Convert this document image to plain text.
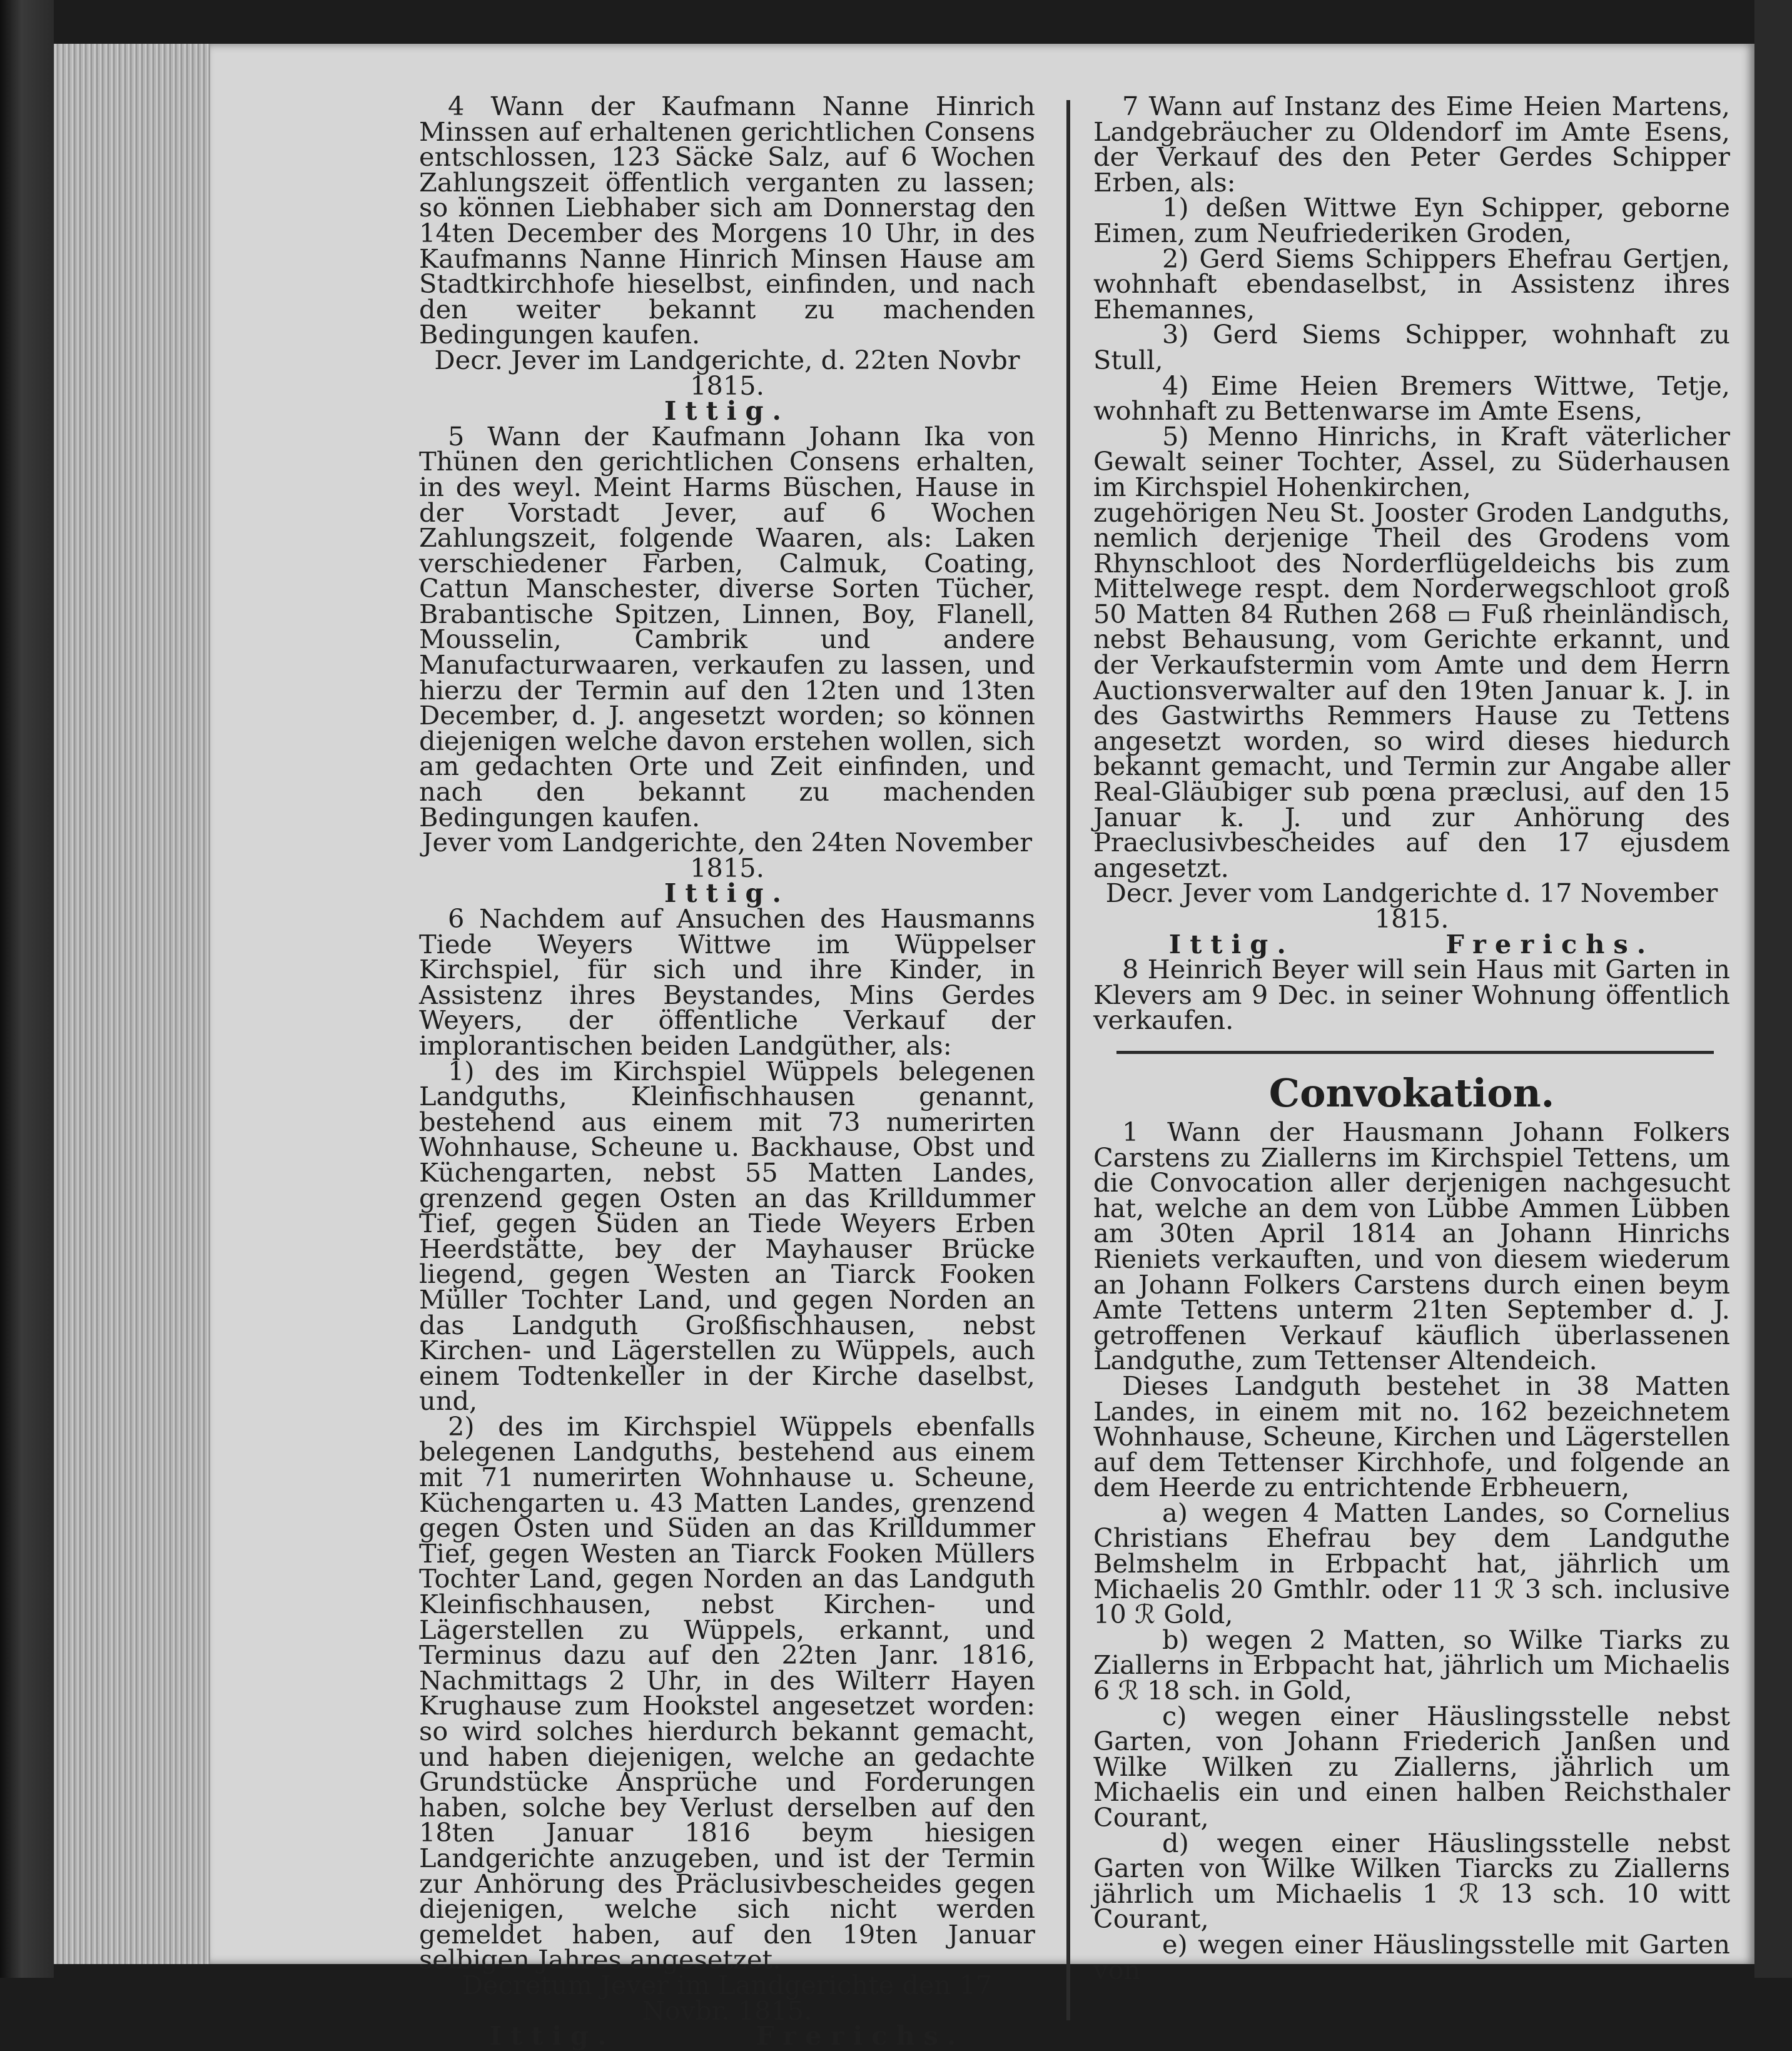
4 Wann der Kaufmann Nanne Hinrich Minssen auf erhaltenen gerichtlichen Consens entschlossen, 123 Säcke Salz, auf 6 Wochen Zahlungszeit öffentlich verganten zu lassen; so können Liebhaber sich am Donnerstag den 14ten December des Morgens 10 Uhr, in des Kaufmanns Nanne Hinrich Minsen Hause am Stadtkirchhofe hieselbst, einfinden, und nach den weiter bekannt zu machenden Bedingungen kaufen.

Decr. Jever im Landgerichte, d. 22ten Novbr 1815.

Ittig.

5 Wann der Kaufmann Johann Ika von Thünen den gerichtlichen Consens erhalten, in des weyl. Meint Harms Büschen, Hause in der Vorstadt Jever, auf 6 Wochen Zahlungszeit, folgende Waaren, als: Laken verschiedener Farben, Calmuk, Coating, Cattun Manschester, diverse Sorten Tücher, Brabantische Spitzen, Linnen, Boy, Flanell, Mousselin, Cambrik und andere Manufacturwaaren, verkaufen zu lassen, und hierzu der Termin auf den 12ten und 13ten December, d. J. angesetzt worden; so können diejenigen welche davon erstehen wollen, sich am gedachten Orte und Zeit einfinden, und nach den bekannt zu machenden Bedingungen kaufen.

Jever vom Landgerichte, den 24ten November 1815.

Ittig.

6 Nachdem auf Ansuchen des Hausmanns Tiede Weyers Wittwe im Wüppelser Kirchspiel, für sich und ihre Kinder, in Assistenz ihres Beystandes, Mins Gerdes Weyers, der öffentliche Verkauf der implorantischen beiden Landgüther, als:

1) des im Kirchspiel Wüppels belegenen Landguths, Kleinfischhausen genannt, bestehend aus einem mit 73 numerirten Wohnhause, Scheune u. Backhause, Obst und Küchengarten, nebst 55 Matten Landes, grenzend gegen Osten an das Krilldummer Tief, gegen Süden an Tiede Weyers Erben Heerdstätte, bey der Mayhauser Brücke liegend, gegen Westen an Tiarck Fooken Müller Tochter Land, und gegen Norden an das Landguth Großfischhausen, nebst Kirchen- und Lägerstellen zu Wüppels, auch einem Todtenkeller in der Kirche daselbst, und,

2) des im Kirchspiel Wüppels ebenfalls belegenen Landguths, bestehend aus einem mit 71 numerirten Wohnhause u. Scheune, Küchengarten u. 43 Matten Landes, grenzend gegen Osten und Süden an das Krilldummer Tief, gegen Westen an Tiarck Fooken Müllers Tochter Land, gegen Norden an das Landguth Kleinfischhausen, nebst Kirchen- und Lägerstellen zu Wüppels, erkannt, und Terminus dazu auf den 22ten Janr. 1816, Nachmittags 2 Uhr, in des Wilterr Hayen Krughause zum Hookstel angesetzet worden: so wird solches hierdurch bekannt gemacht, und haben diejenigen, welche an gedachte Grundstücke Ansprüche und Forderungen haben, solche bey Verlust derselben auf den 18ten Januar 1816 beym hiesigen Landgerichte anzugeben, und ist der Termin zur Anhörung des Präclusivbescheides gegen diejenigen, welche sich nicht werden gemeldet haben, auf den 19ten Januar selbigen Jahres angesetzet.

Decretum Jever im Landgerichte den 17 Novbr. 1815.

Ittig.	Frerichs.

7 Wann auf Instanz des Eime Heien Martens, Landgebräucher zu Oldendorf im Amte Esens, der Verkauf des den Peter Gerdes Schipper Erben, als:

1) deßen Wittwe Eyn Schipper, geborne Eimen, zum Neufriederiken Groden,

2) Gerd Siems Schippers Ehefrau Gertjen, wohnhaft ebendaselbst, in Assistenz ihres Ehemannes,

3) Gerd Siems Schipper, wohnhaft zu Stull,

4) Eime Heien Bremers Wittwe, Tetje, wohnhaft zu Bettenwarse im Amte Esens,

5) Menno Hinrichs, in Kraft väterlicher Gewalt seiner Tochter, Assel, zu Süderhausen im Kirchspiel Hohenkirchen,

zugehörigen Neu St. Jooster Groden Landguths, nemlich derjenige Theil des Grodens vom Rhynschloot des Norderflügeldeichs bis zum Mittelwege respt. dem Norderwegschloot groß 50 Matten 84 Ruthen 268 ▭ Fuß rheinländisch, nebst Behausung, vom Gerichte erkannt, und der Verkaufstermin vom Amte und dem Herrn Auctionsverwalter auf den 19ten Januar k. J. in des Gastwirths Remmers Hause zu Tettens angesetzt worden, so wird dieses hiedurch bekannt gemacht, und Termin zur Angabe aller Real-Gläubiger sub pœna præclusi, auf den 15 Januar k. J. und zur Anhörung des Praeclusivbescheides auf den 17 ejusdem angesetzt.

Decr. Jever vom Landgerichte d. 17 November 1815.

Ittig.	Frerichs.

8 Heinrich Beyer will sein Haus mit Garten in Klevers am 9 Dec. in seiner Wohnung öffentlich verkaufen.

Convokation.

1 Wann der Hausmann Johann Folkers Carstens zu Ziallerns im Kirchspiel Tettens, um die Convocation aller derjenigen nachgesucht hat, welche an dem von Lübbe Ammen Lübben am 30ten April 1814 an Johann Hinrichs Rieniets verkauften, und von diesem wiederum an Johann Folkers Carstens durch einen beym Amte Tettens unterm 21ten September d. J. getroffenen Verkauf käuflich überlassenen Landguthe, zum Tettenser Altendeich.

Dieses Landguth bestehet in 38 Matten Landes, in einem mit no. 162 bezeichnetem Wohnhause, Scheune, Kirchen und Lägerstellen auf dem Tettenser Kirchhofe, und folgende an dem Heerde zu entrichtende Erbheuern,

a) wegen 4 Matten Landes, so Cornelius Christians Ehefrau bey dem Landguthe Belmshelm in Erbpacht hat, jährlich um Michaelis 20 Gmthlr. oder 11 ℛ 3 sch. inclusive 10 ℛ Gold,

b) wegen 2 Matten, so Wilke Tiarks zu Ziallerns in Erbpacht hat, jährlich um Michaelis 6 ℛ 18 sch. in Gold,

c) wegen einer Häuslingsstelle nebst Garten, von Johann Friederich Janßen und Wilke Wilken zu Ziallerns, jährlich um Michaelis ein und einen halben Reichsthaler Courant,

d) wegen einer Häuslingsstelle nebst Garten von Wilke Wilken Tiarcks zu Ziallerns jährlich um Michaelis 1 ℛ 13 sch. 10 witt Courant,

e) wegen einer Häuslingsstelle mit Garten von
